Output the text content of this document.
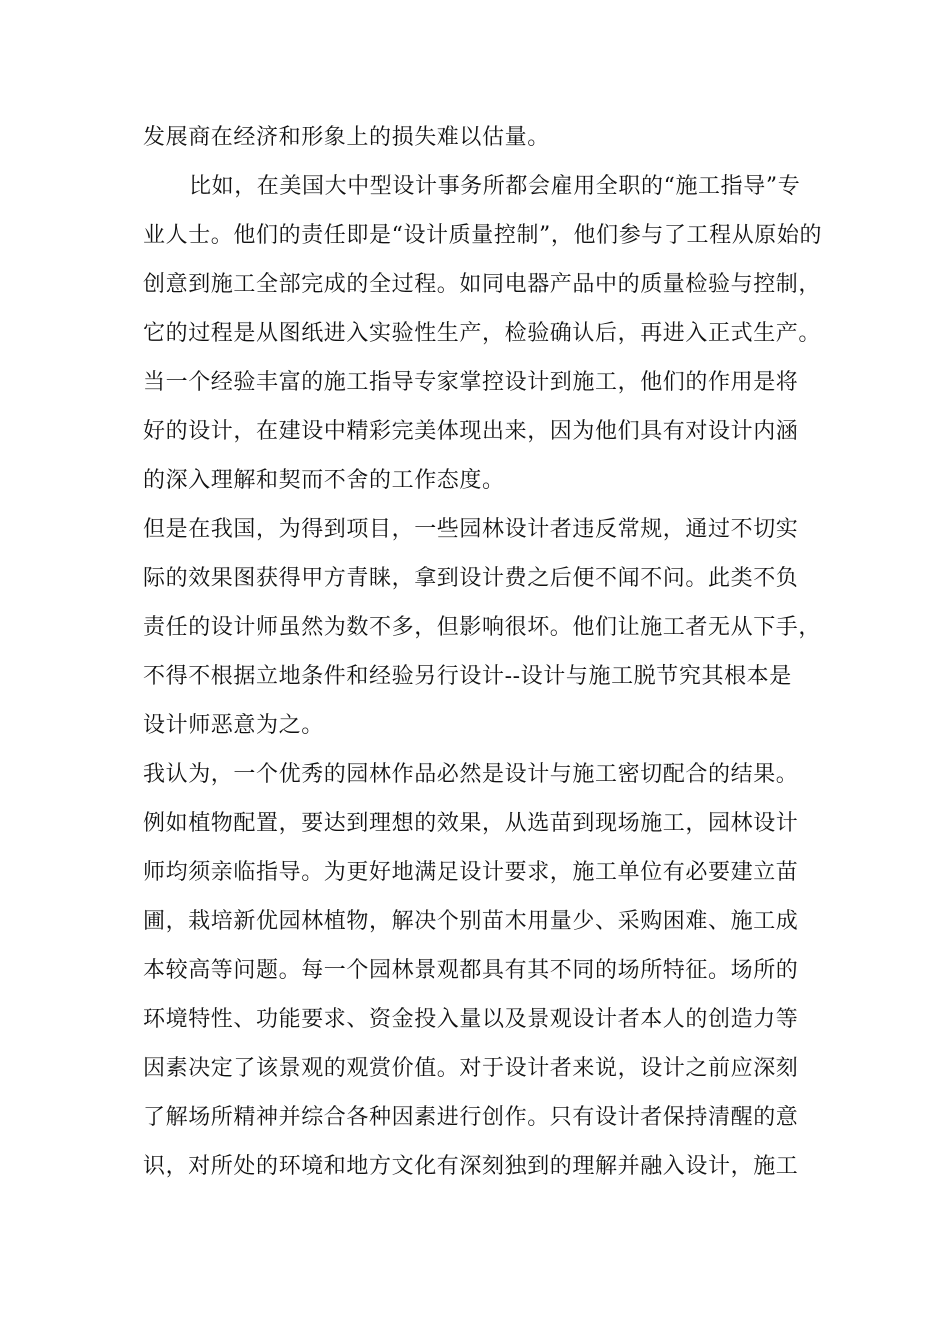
发展商在经济和形象上的损失难以估量。
比如，在美国大中型设计事务所都会雇用全职的“施工指导”专
业人士。他们的责任即是“设计质量控制”，他们参与了工程从原始的
创意到施工全部完成的全过程。如同电器产品中的质量检验与控制，
它的过程是从图纸进入实验性生产，检验确认后，再进入正式生产。
当一个经验丰富的施工指导专家掌控设计到施工，他们的作用是将
好的设计，在建设中精彩完美体现出来，因为他们具有对设计内涵
的深入理解和契而不舍的工作态度。
但是在我国，为得到项目，一些园林设计者违反常规，通过不切实
际的效果图获得甲方青睐，拿到设计费之后便不闻不问。此类不负
责任的设计师虽然为数不多，但影响很坏。他们让施工者无从下手，
不得不根据立地条件和经验另行设计--设计与施工脱节究其根本是
设计师恶意为之。
我认为，一个优秀的园林作品必然是设计与施工密切配合的结果。
例如植物配置，要达到理想的效果，从选苗到现场施工，园林设计
师均须亲临指导。为更好地满足设计要求，施工单位有必要建立苗
圃，栽培新优园林植物，解决个别苗木用量少、采购困难、施工成
本较高等问题。每一个园林景观都具有其不同的场所特征。场所的
环境特性、功能要求、资金投入量以及景观设计者本人的创造力等
因素决定了该景观的观赏价值。对于设计者来说，设计之前应深刻
了解场所精神并综合各种因素进行创作。只有设计者保持清醒的意
识，对所处的环境和地方文化有深刻独到的理解并融入设计，施工
